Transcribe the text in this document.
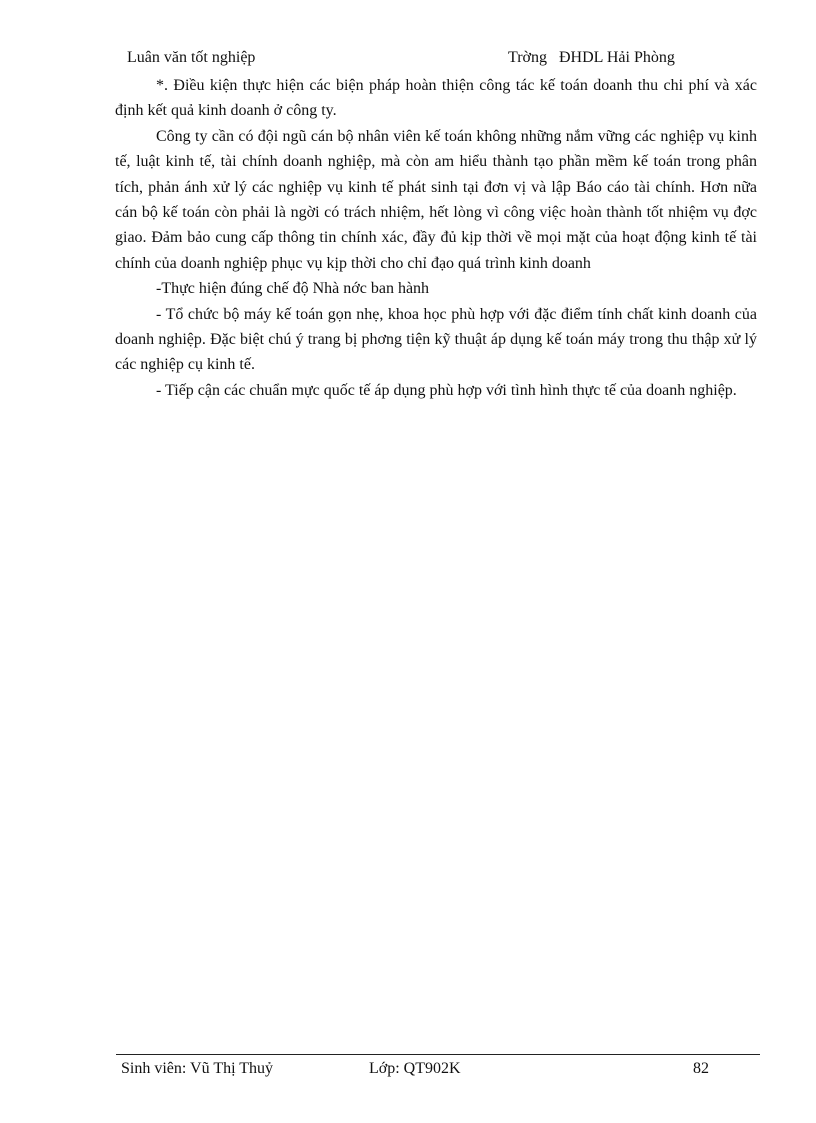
Luân văn tốt nghiệp	Trờng   ĐHDL Hải Phòng

*. Điều kiện thực hiện các biện pháp hoàn thiện công tác kế toán doanh thu chi phí và xác định kết quả kinh doanh ở công ty.

Công ty cần có đội ngũ cán bộ nhân viên kế toán không những nắm vững các nghiệp vụ kinh tế, luật kinh tế, tài chính doanh nghiệp, mà còn am hiểu thành tạo phần mềm kế toán trong phân tích, phản ánh xử lý các nghiệp vụ kinh tế phát sinh tại đơn vị và lập Báo cáo tài chính. Hơn nữa cán bộ kế toán còn phải là ngời có trách nhiệm, hết lòng vì công việc hoàn thành tốt nhiệm vụ đợc giao. Đảm bảo cung cấp thông tin chính xác, đầy đủ kịp thời về mọi mặt của hoạt động kinh tế tài chính của doanh nghiệp phục vụ kịp thời cho chỉ đạo quá trình kinh doanh

-Thực hiện đúng chế độ Nhà nớc ban hành

- Tổ chức bộ máy kế toán gọn nhẹ, khoa học phù hợp với đặc điểm tính chất kinh doanh của doanh nghiệp. Đặc biệt chú ý trang bị phơng tiện kỹ thuật áp dụng kế toán máy trong thu thập xử lý các nghiệp cụ kinh tế.

- Tiếp cận các chuẩn mực quốc tế áp dụng phù hợp với tình hình thực tế của doanh nghiệp.

Sinh viên: Vũ Thị Thuỷ	Lớp: QT902K	82
